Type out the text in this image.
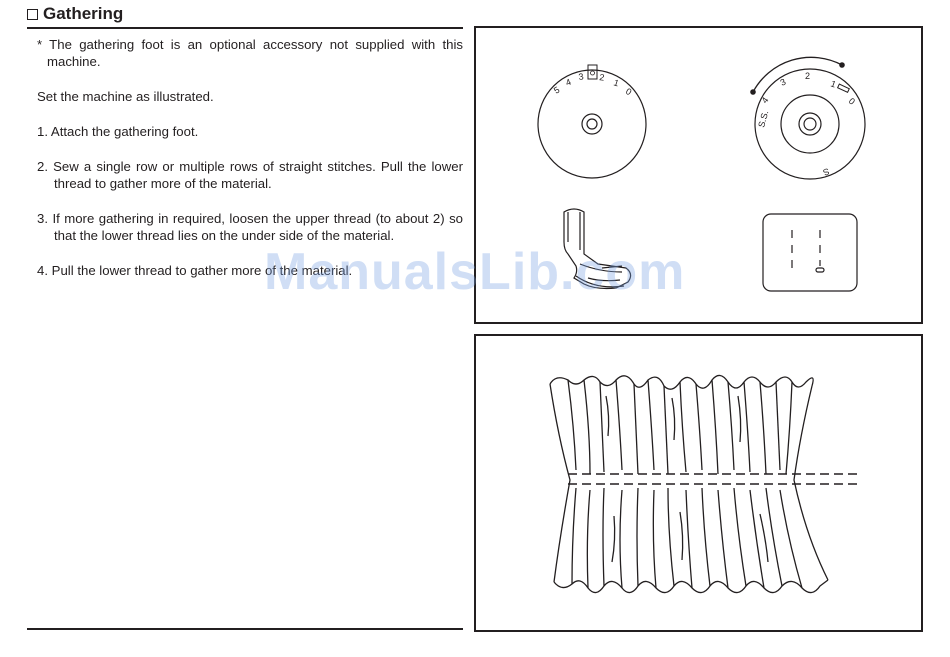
Gathering

* The gathering foot is an optional accessory not supplied with this machine.

Set the machine as illustrated.

1. Attach the gathering foot.

2. Sew a single row or multiple rows of straight stitches. Pull the lower thread to gather more of the material.

3. If more gathering in required, loosen the upper thread (to about 2) so that the lower thread lies on the under side of the material.

4. Pull the lower thread to gather more of the material.

5
4
3 2
1
0
S.S.
4
3
2
1
0
S
ManualsLib.com
